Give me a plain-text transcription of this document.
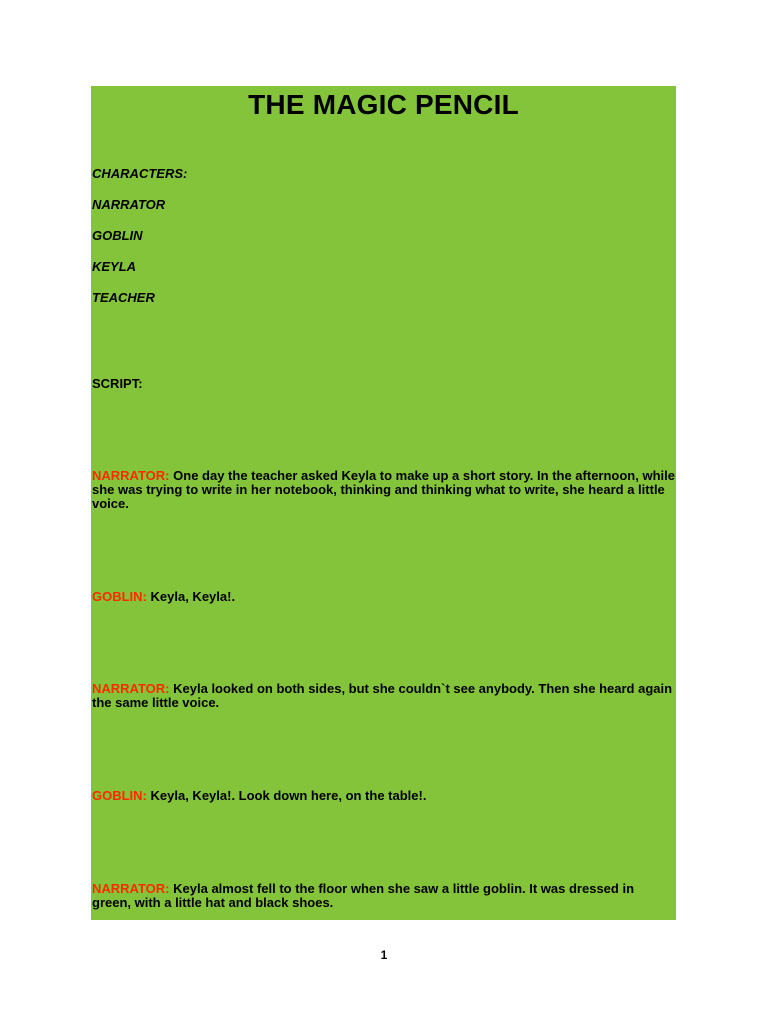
THE MAGIC PENCIL
CHARACTERS:
NARRATOR
GOBLIN
KEYLA
TEACHER
SCRIPT:
NARRATOR: One day the teacher asked Keyla to make up a short story. In the afternoon, while she was trying to write in her notebook, thinking and thinking what to write, she heard a little voice.
GOBLIN: Keyla, Keyla!.
NARRATOR: Keyla looked on both sides, but she couldn`t see anybody. Then she heard again the same little voice.
GOBLIN: Keyla, Keyla!. Look down here, on the table!.
NARRATOR: Keyla almost fell to the floor when she saw a little goblin. It was dressed in green, with a little hat and black shoes.
1
